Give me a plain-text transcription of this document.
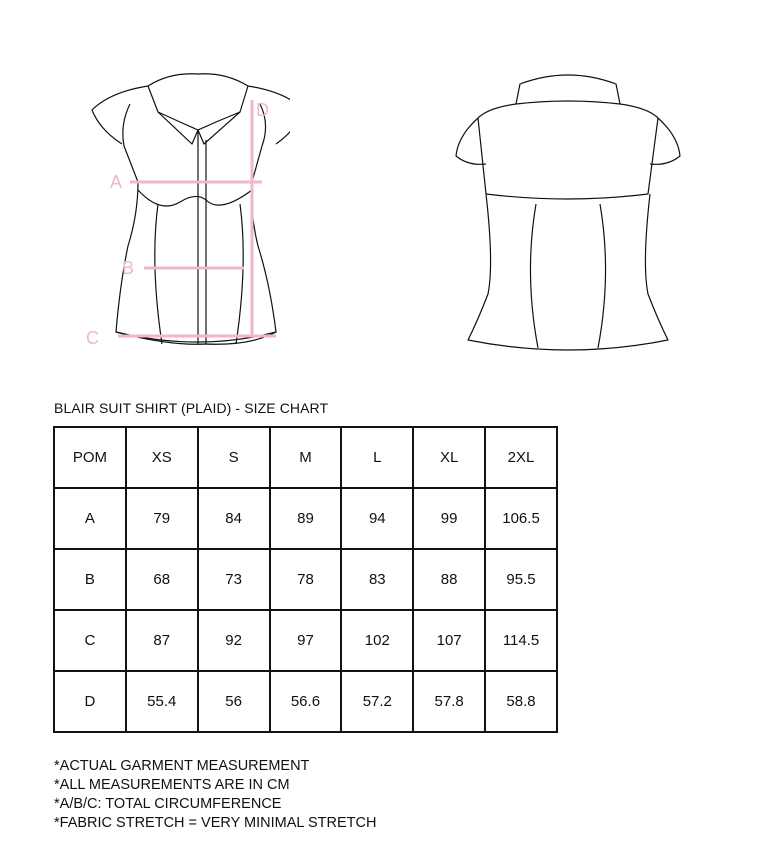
A
B
C
D
BLAIR SUIT SHIRT (PLAID) - SIZE CHART
POM	XS	S	M	L	XL	2XL
A	79	84	89	94	99	106.5
B	68	73	78	83	88	95.5
C	87	92	97	102	107	114.5
D	55.4	56	56.6	57.2	57.8	58.8
*ACTUAL GARMENT MEASUREMENT
*ALL MEASUREMENTS ARE IN CM
*A/B/C: TOTAL CIRCUMFERENCE
*FABRIC STRETCH = VERY MINIMAL STRETCH
